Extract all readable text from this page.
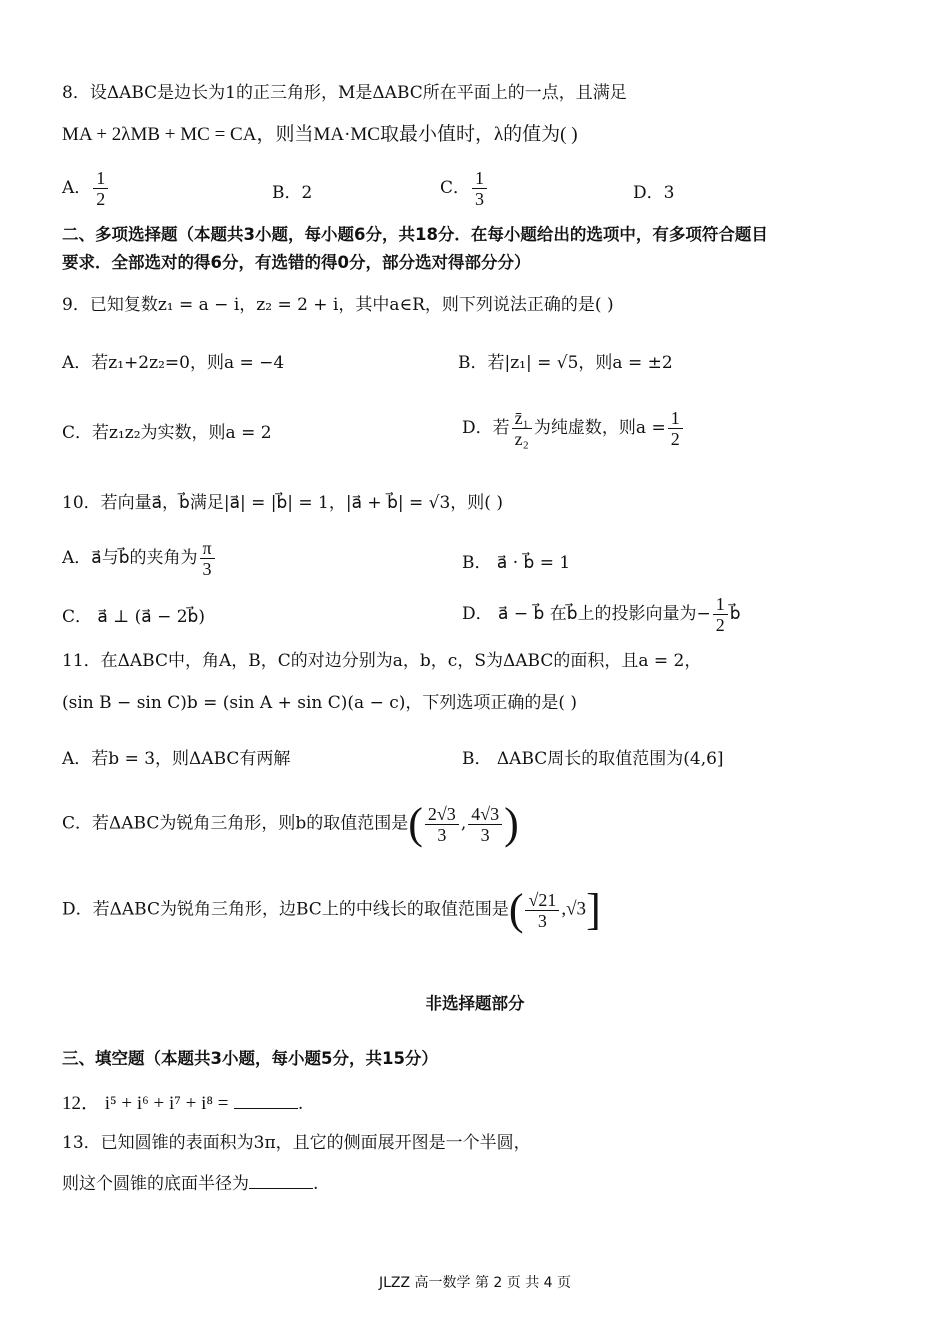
8．设ΔABC是边长为1的正三角形，M是ΔABC所在平面上的一点，且满足
MA + 2λMB + MC = CA，则当MA·MC取最小值时，λ的值为( )
A． $\frac{1}{2}$	B．2	C． $\frac{1}{3}$	D．3
二、多项选择题（本题共3小题，每小题6分，共18分．在每小题给出的选项中，有多项符合题目
要求．全部选对的得6分，有选错的得0分，部分选对得部分分）
9．已知复数z₁ = a − i，z₂ = 2 + i，其中a∈R，则下列说法正确的是( )
A．若z₁+2z₂=0，则a = −4	B．若|z₁| = √5，则a = ±2
C．若z₁z₂为实数，则a = 2	D．若 $\frac{\text{z̄₁}}{\text{z₂}}$ 为纯虚数，则$a = \frac{1}{2}$
10．若向量a⃗，b⃗满足|a⃗| = |b⃗| = 1，|a⃗ + b⃗| = √3，则( )
A．a⃗与b⃗的夹角为 $\frac{\pi}{3}$	B． a⃗ · b⃗ = 1
C． a⃗ ⊥ (a⃗ − 2b⃗)	D． a⃗ − b⃗ 在b⃗上的投影向量为− $\frac{1}{2}$ b⃗
11．在ΔABC中，角A，B，C的对边分别为a，b，c，S为ΔABC的面积，且a = 2，
(sin B − sin C)b = (sin A + sin C)(a − c)，下列选项正确的是( )
A．若b = 3，则ΔABC有两解	B． ΔABC周长的取值范围为(4,6]
C．若ΔABC为锐角三角形，则b的取值范围是( $\frac{2√3}{3}$ , $\frac{4√3}{3}$ )
D．若ΔABC为锐角三角形，边BC上的中线长的取值范围是( $\frac{√21}{3} ,√3$]
非选择题部分
三、填空题（本题共3小题，每小题5分，共15分）
12． i⁵ + i⁶ + i⁷ + i⁸ =	.
13．已知圆锥的表面积为3π，且它的侧面展开图是一个半圆，
则这个圆锥的底面半径为	.
JLZZ 高一数学 第 2 页 共 4 页
